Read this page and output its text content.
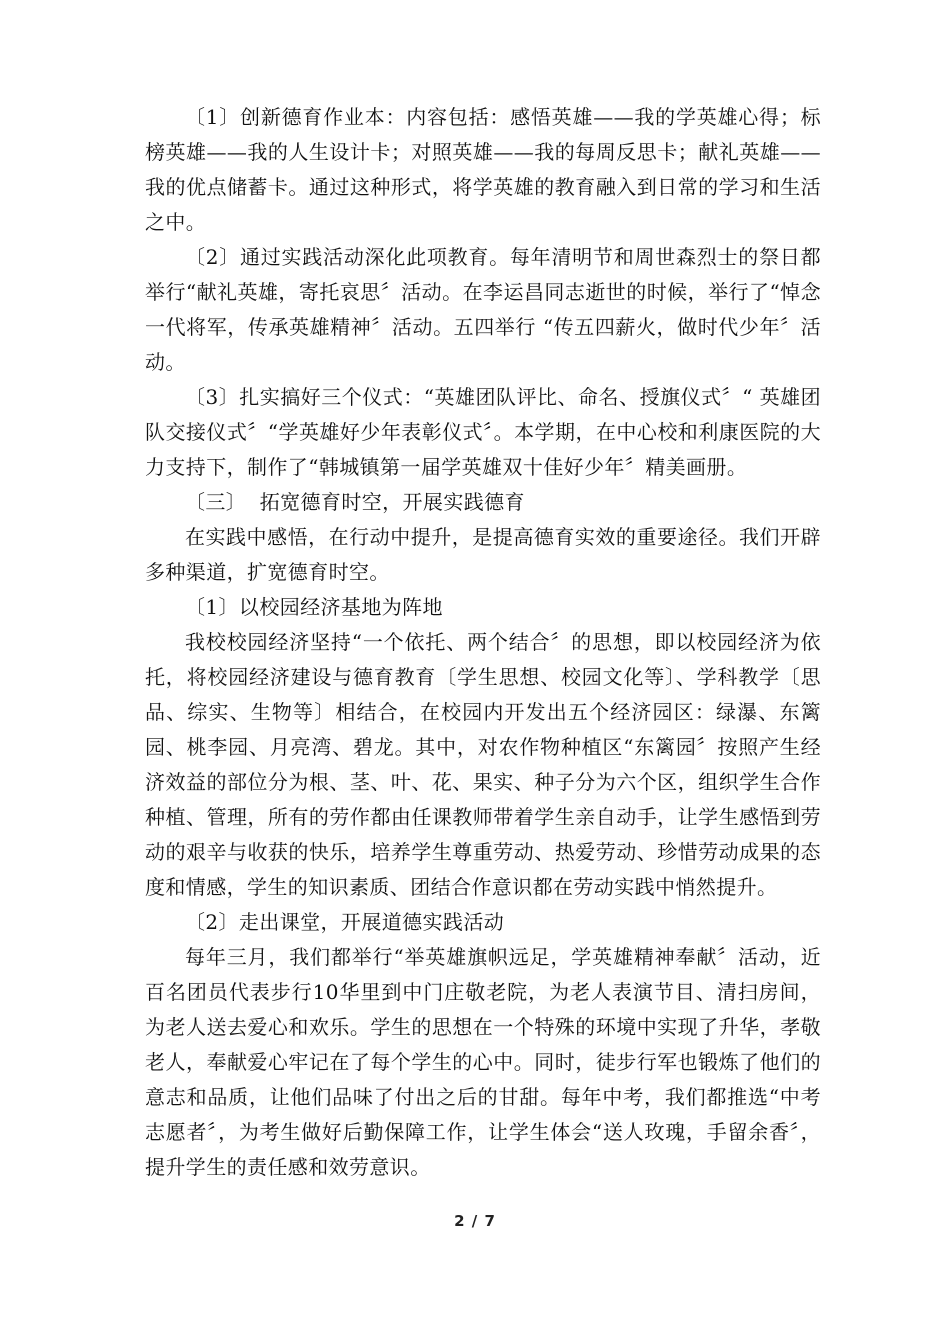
〔1〕创新德育作业本：内容包括：感悟英雄——我的学英雄心得；标榜英雄——我的人生设计卡；对照英雄——我的每周反思卡；献礼英雄——我的优点储蓄卡。通过这种形式，将学英雄的教育融入到日常的学习和生活之中。

〔2〕通过实践活动深化此项教育。每年清明节和周世森烈士的祭日都举行“献礼英雄，寄托哀思〞活动。在李运昌同志逝世的时候，举行了“悼念一代将军，传承英雄精神〞活动。五四举行 “传五四薪火，做时代少年〞活动。

〔3〕扎实搞好三个仪式：“英雄团队评比、命名、授旗仪式〞“ 英雄团队交接仪式〞“学英雄好少年表彰仪式〞。本学期，在中心校和利康医院的大力支持下，制作了“韩城镇第一届学英雄双十佳好少年〞精美画册。

〔三〕  拓宽德育时空，开展实践德育

在实践中感悟，在行动中提升，是提高德育实效的重要途径。我们开辟多种渠道，扩宽德育时空。

〔1〕以校园经济基地为阵地

我校校园经济坚持“一个依托、两个结合〞的思想，即以校园经济为依托，将校园经济建设与德育教育〔学生思想、校园文化等〕、学科教学〔思品、综实、生物等〕相结合，在校园内开发出五个经济园区：绿瀑、东篱园、桃李园、月亮湾、碧龙。其中，对农作物种植区“东篱园〞按照产生经济效益的部位分为根、茎、叶、花、果实、种子分为六个区，组织学生合作种植、管理，所有的劳作都由任课教师带着学生亲自动手，让学生感悟到劳动的艰辛与收获的快乐，培养学生尊重劳动、热爱劳动、珍惜劳动成果的态度和情感，学生的知识素质、团结合作意识都在劳动实践中悄然提升。

〔2〕走出课堂，开展道德实践活动

每年三月，我们都举行“举英雄旗帜远足，学英雄精神奉献〞活动，近百名团员代表步行10华里到中门庄敬老院，为老人表演节目、清扫房间，为老人送去爱心和欢乐。学生的思想在一个特殊的环境中实现了升华，孝敬老人，奉献爱心牢记在了每个学生的心中。同时，徒步行军也锻炼了他们的意志和品质，让他们品味了付出之后的甘甜。每年中考，我们都推选“中考志愿者〞，为考生做好后勤保障工作，让学生体会“送人玫瑰，手留余香〞，提升学生的责任感和效劳意识。

2 / 7
